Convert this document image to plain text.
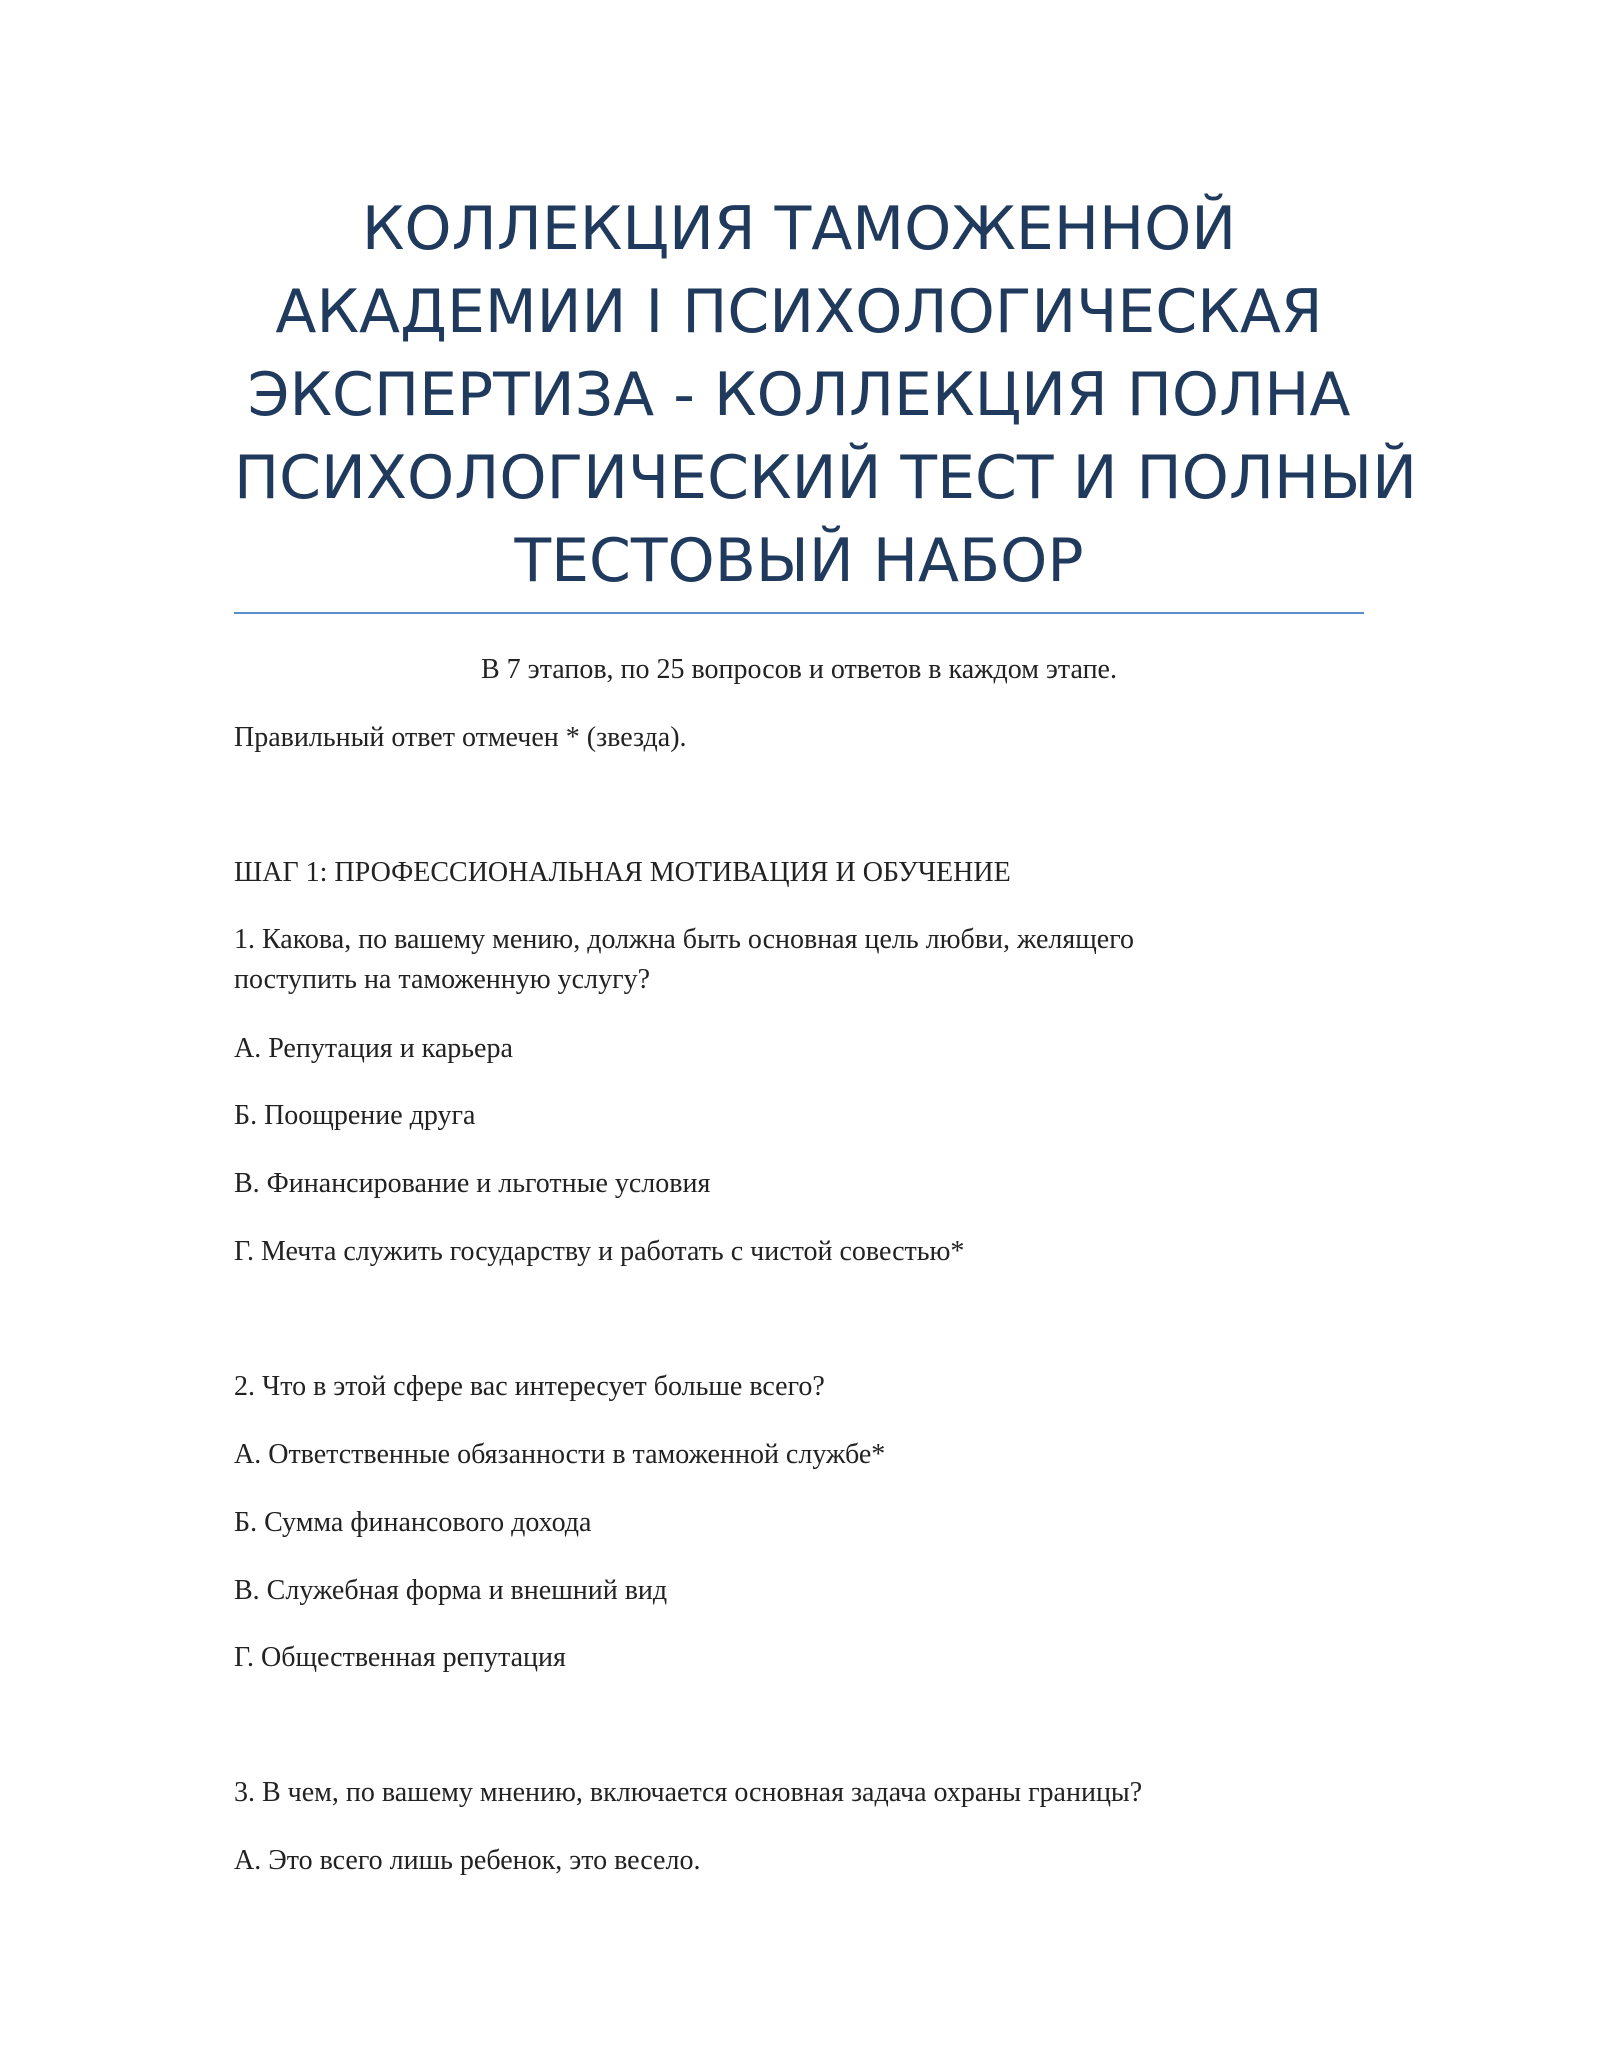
КОЛЛЕКЦИЯ ТАМОЖЕННОЙ
АКАДЕМИИ I ПСИХОЛОГИЧЕСКАЯ
ЭКСПЕРТИЗА - КОЛЛЕКЦИЯ ПОЛНА
ПСИХОЛОГИЧЕСКИЙ ТЕСТ И ПОЛНЫЙ
ТЕСТОВЫЙ НАБОР

В 7 этапов, по 25 вопросов и ответов в каждом этапе.

Правильный ответ отмечен * (звезда).

ШАГ 1: ПРОФЕССИОНАЛЬНАЯ МОТИВАЦИЯ И ОБУЧЕНИЕ

1. Какова, по вашему мению, должна быть основная цель любви, желящего

поступить на таможенную услугу?

А. Репутация и карьера

Б. Поощрение друга

В. Финансирование и льготные условия

Г. Мечта служить государству и работать с чистой совестью*

2. Что в этой сфере вас интересует больше всего?

А. Ответственные обязанности в таможенной службе*

Б. Сумма финансового дохода

В. Служебная форма и внешний вид

Г. Общественная репутация

3. В чем, по вашему мнению, включается основная задача охраны границы?

А. Это всего лишь ребенок, это весело.
